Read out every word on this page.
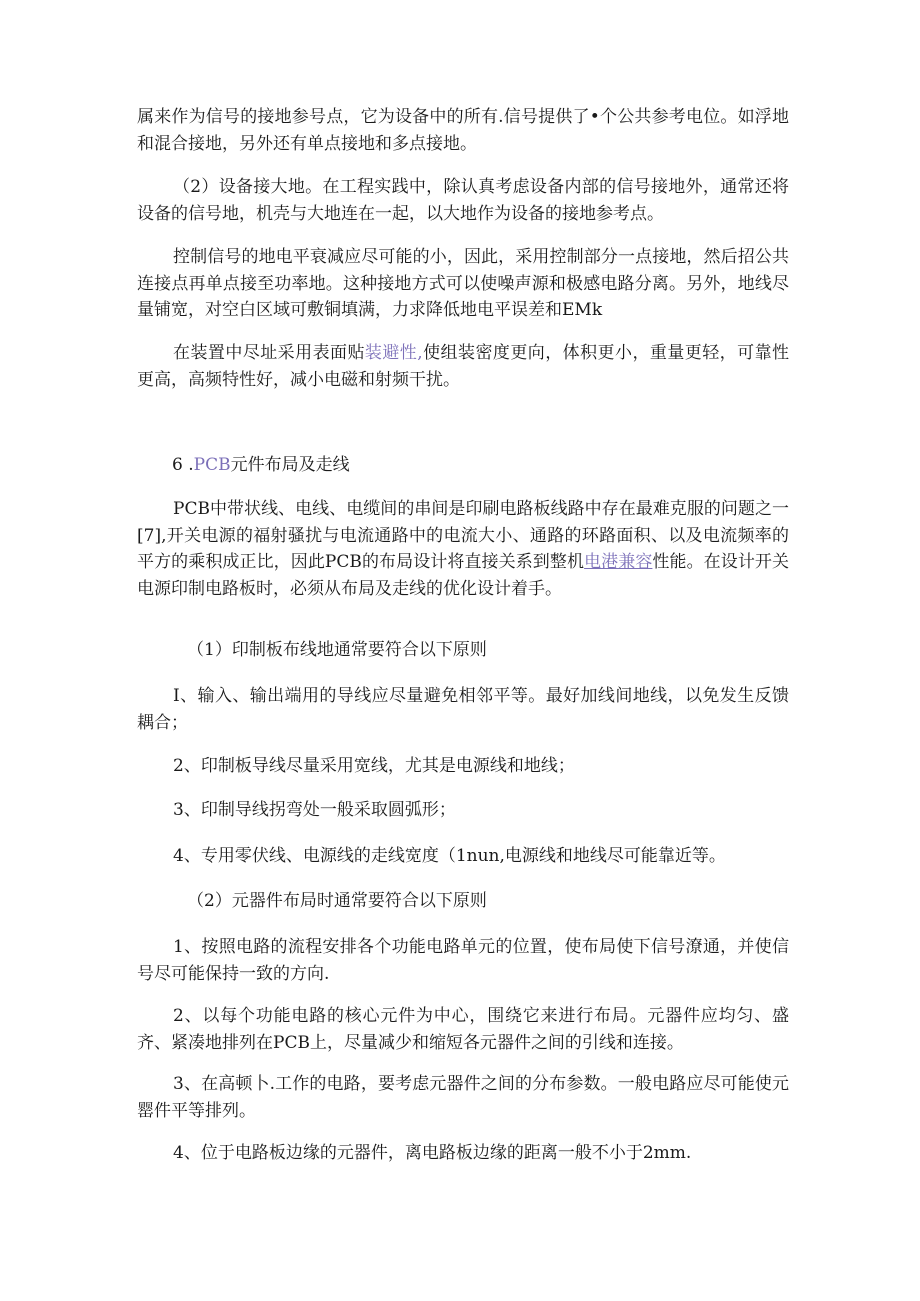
属来作为信号的接地参号点，它为设备中的所有.信号提供了•个公共参考电位。如浮地和混合接地，另外还有单点接地和多点接地。

（2）设备接大地。在工程实践中，除认真考虑设备内部的信号接地外，通常还将设备的信号地，机壳与大地连在一起，以大地作为设备的接地参考点。

控制信号的地电平衰减应尽可能的小，因此，采用控制部分一点接地，然后招公共连接点再单点接至功率地。这种接地方式可以使噪声源和极感电路分离。另外，地线尽量铺宽，对空白区域可敷铜填满，力求降低地电平误差和EMk

在装置中尽址采用表面贴装避性,使组装密度更向，体积更小，重量更轻，可靠性更高，高频特性好，减小电磁和射频干扰。

6 .PCB元件布局及走线

PCB中带状线、电线、电缆间的串间是印刷电路板线路中存在最难克服的问题之一[7],开关电源的福射骚扰与电流通路中的电流大小、通路的环路面积、以及电流频率的平方的乘积成正比，因此PCB的布局设计将直接关系到整机电港兼容性能。在设计开关电源印制电路板时，必须从布局及走线的优化设计着手。

（1）印制板布线地通常要符合以下原则

I、输入、输出端用的导线应尽量避免相邻平等。最好加线间地线，以免发生反馈耦合；

2、印制板导线尽量采用宽线，尤其是电源线和地线；

3、印制导线拐弯处一般采取圆弧形；

4、专用零伏线、电源线的走线宽度（1nun,电源线和地线尽可能靠近等。

（2）元器件布局时通常要符合以下原则

1、按照电路的流程安排各个功能电路单元的位置，使布局使下信号潦通，并使信号尽可能保持一致的方向.

2、以每个功能电路的核心元件为中心，围绕它来进行布局。元器件应均匀、盛齐、紧凑地排列在PCB上，尽量减少和缩短各元器件之间的引线和连接。

3、在高顿卜.工作的电路，要考虑元器件之间的分布参数。一般电路应尽可能使元罂件平等排列。

4、位于电路板边缘的元器件，离电路板边缘的距离一般不小于2mm.
